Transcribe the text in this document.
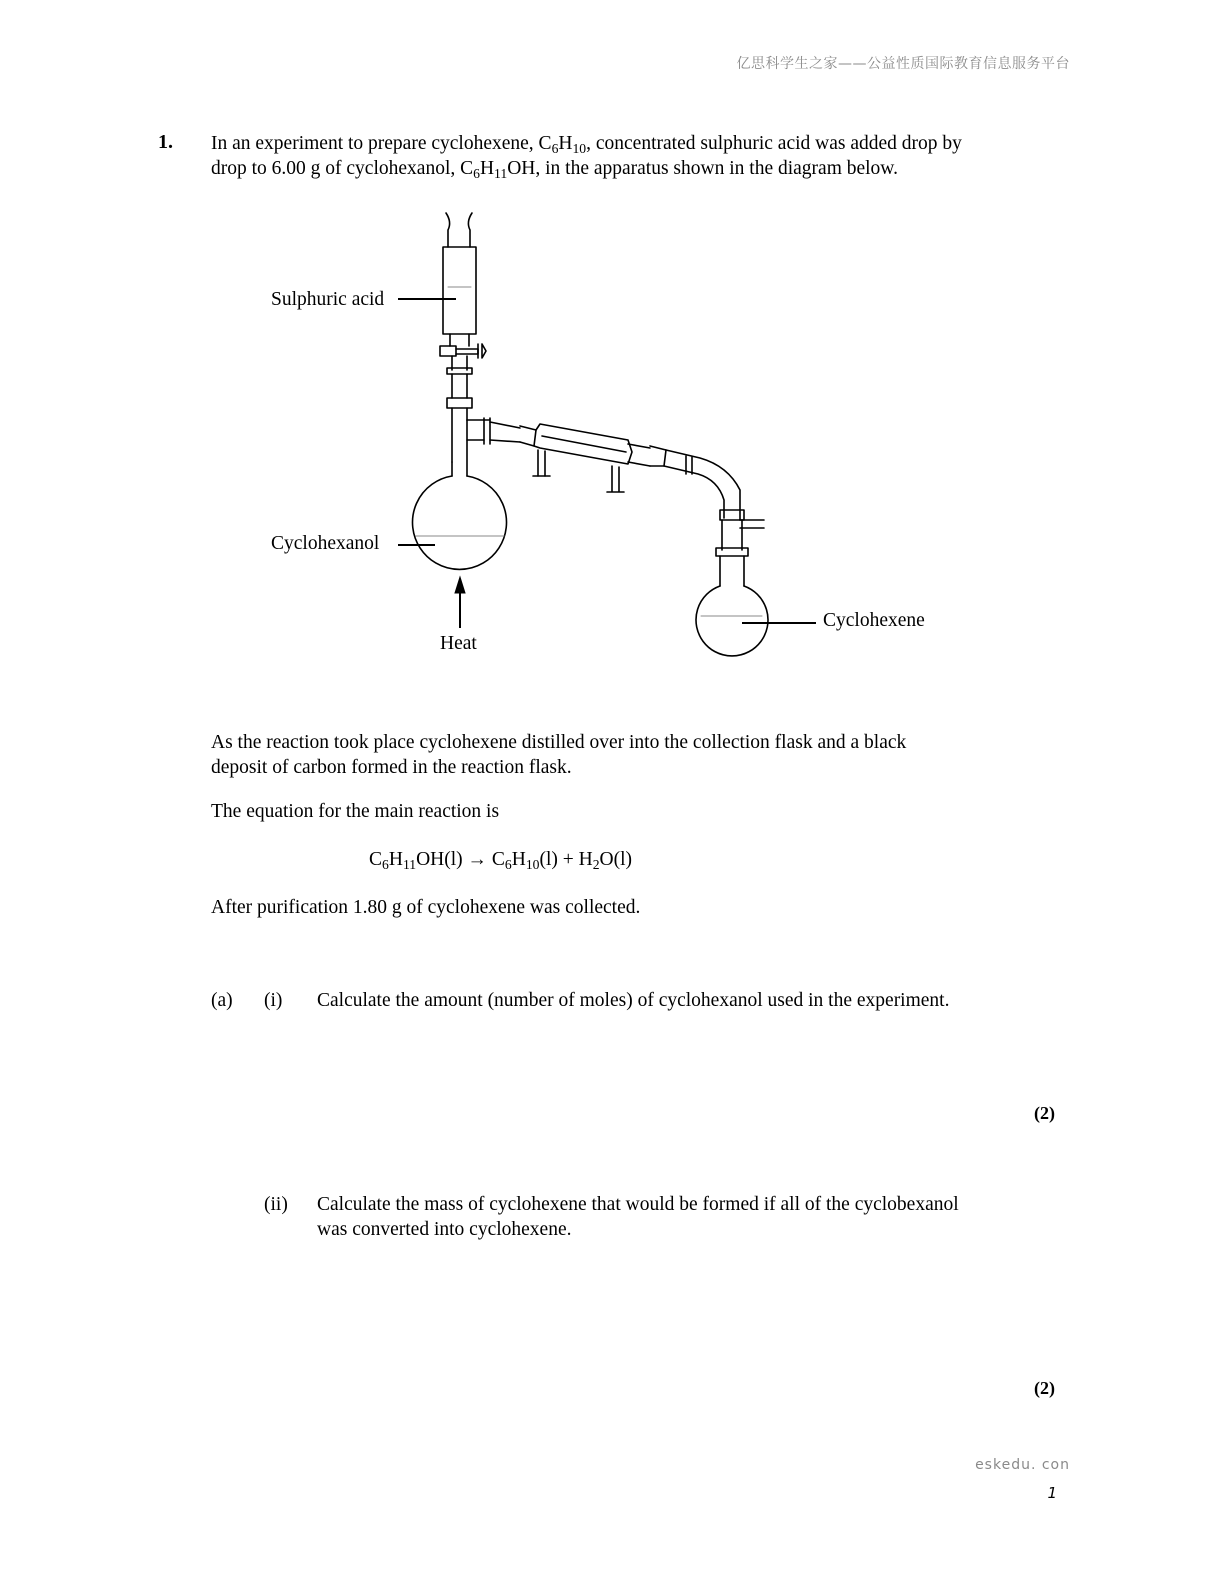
亿思科学生之家——公益性质国际教育信息服务平台
1. In an experiment to prepare cyclohexene, $C_6H_{10}$, concentrated sulphuric acid was added drop by
drop to 6.00 g of cyclohexanol, $C_6H_{11}OH$, in the apparatus shown in the diagram below.
Sulphuric acid
Cyclohexanol
Heat
Cyclohexene
As the reaction took place cyclohexene distilled over into the collection flask and a black
deposit of carbon formed in the reaction flask.
The equation for the main reaction is
$C_6H_{11}OH(l) \to C_6H_{10}(l) + H_2O(l)$
After purification 1.80 g of cyclohexene was collected.
(a) (i) Calculate the amount (number of moles) of cyclohexanol used in the experiment.
(2)
(ii) Calculate the mass of cyclohexene that would be formed if all of the cyclobexanol
was converted into cyclohexene.
(2)
eskedu. con
1
